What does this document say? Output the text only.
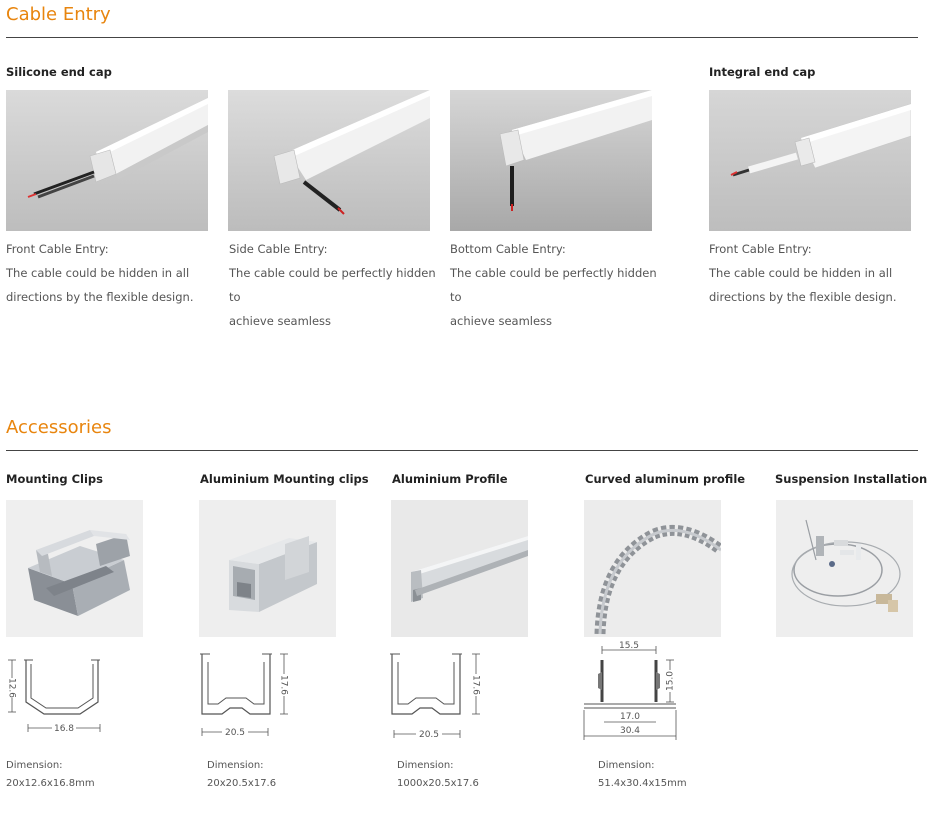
Cable Entry
Silicone end cap	Integral end cap
Front Cable Entry:
The cable could be hidden in all
directions by the flexible design.
Side Cable Entry:
The cable could be perfectly hidden to
achieve seamless
Bottom Cable Entry:
The cable could be perfectly hidden to
achieve seamless
Front Cable Entry:
The cable could be hidden in all
directions by the flexible design.
Accessories
Mounting Clips	Aluminium Mounting clips Aluminium Profile	Curved aluminum profile	Suspension Installation
12.6
16.8
17.6
20.5
17.6
20.5
15.5
15.0
17.0
30.4
Dimension:
20x12.6x16.8mm
Dimension:
20x20.5x17.6
Dimension:
1000x20.5x17.6
Dimension:
51.4x30.4x15mm
